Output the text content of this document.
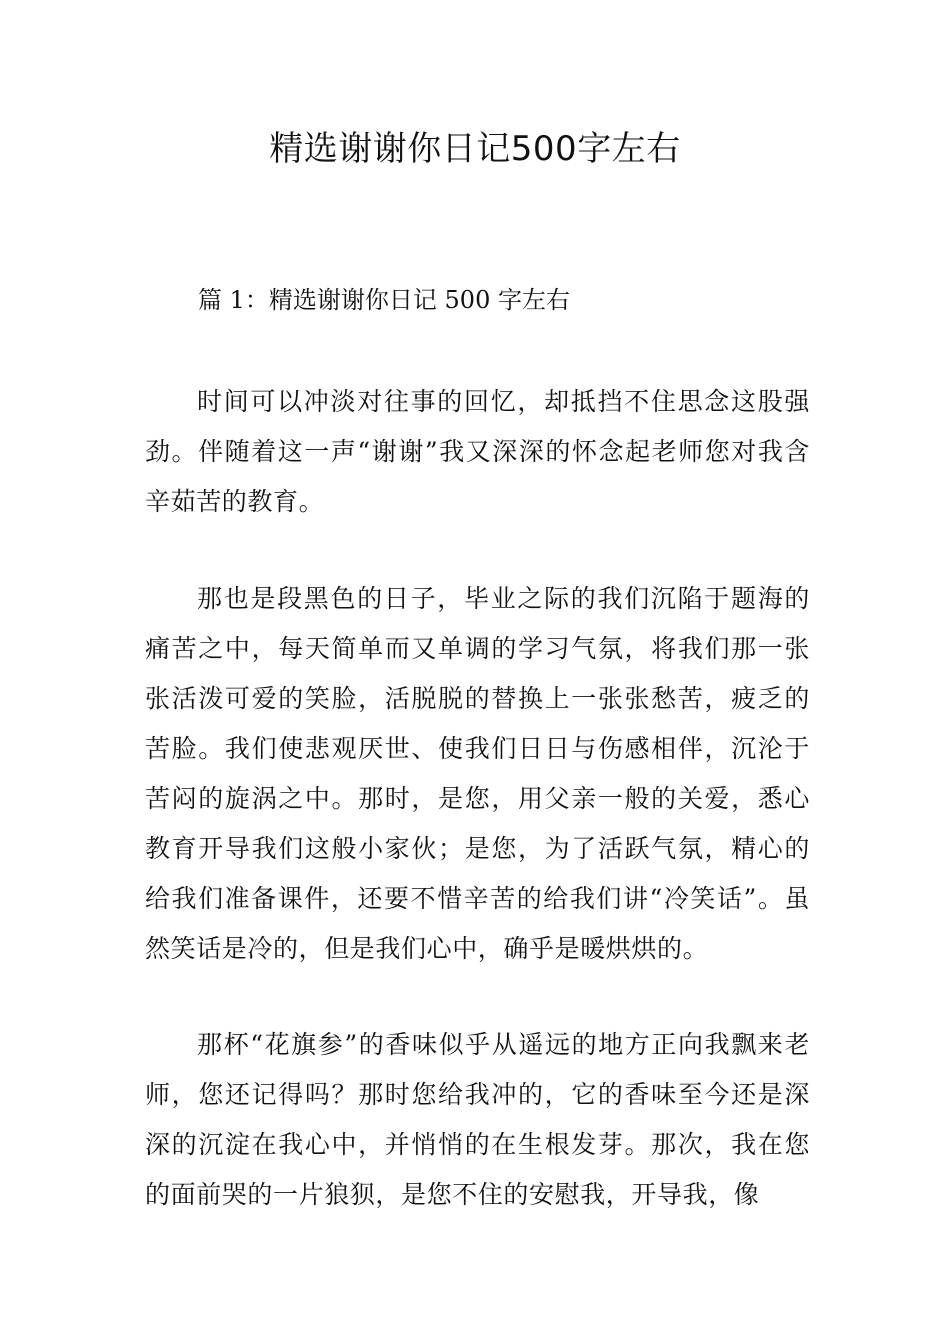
精选谢谢你日记500字左右

篇 1：精选谢谢你日记 500 字左右

时间可以冲淡对往事的回忆，却抵挡不住思念这股强劲。伴随着这一声“谢谢”我又深深的怀念起老师您对我含辛茹苦的教育。

那也是段黑色的日子，毕业之际的我们沉陷于题海的痛苦之中，每天简单而又单调的学习气氛，将我们那一张张活泼可爱的笑脸，活脱脱的替换上一张张愁苦，疲乏的苦脸。我们使悲观厌世、使我们日日与伤感相伴，沉沦于苦闷的旋涡之中。那时，是您，用父亲一般的关爱，悉心教育开导我们这般小家伙；是您，为了活跃气氛，精心的给我们准备课件，还要不惜辛苦的给我们讲“冷笑话”。虽然笑话是冷的，但是我们心中，确乎是暖烘烘的。

那杯“花旗参”的香味似乎从遥远的地方正向我飘来老师，您还记得吗？那时您给我冲的，它的香味至今还是深深的沉淀在我心中，并悄悄的在生根发芽。那次，我在您的面前哭的一片狼狈，是您不住的安慰我，开导我，像
